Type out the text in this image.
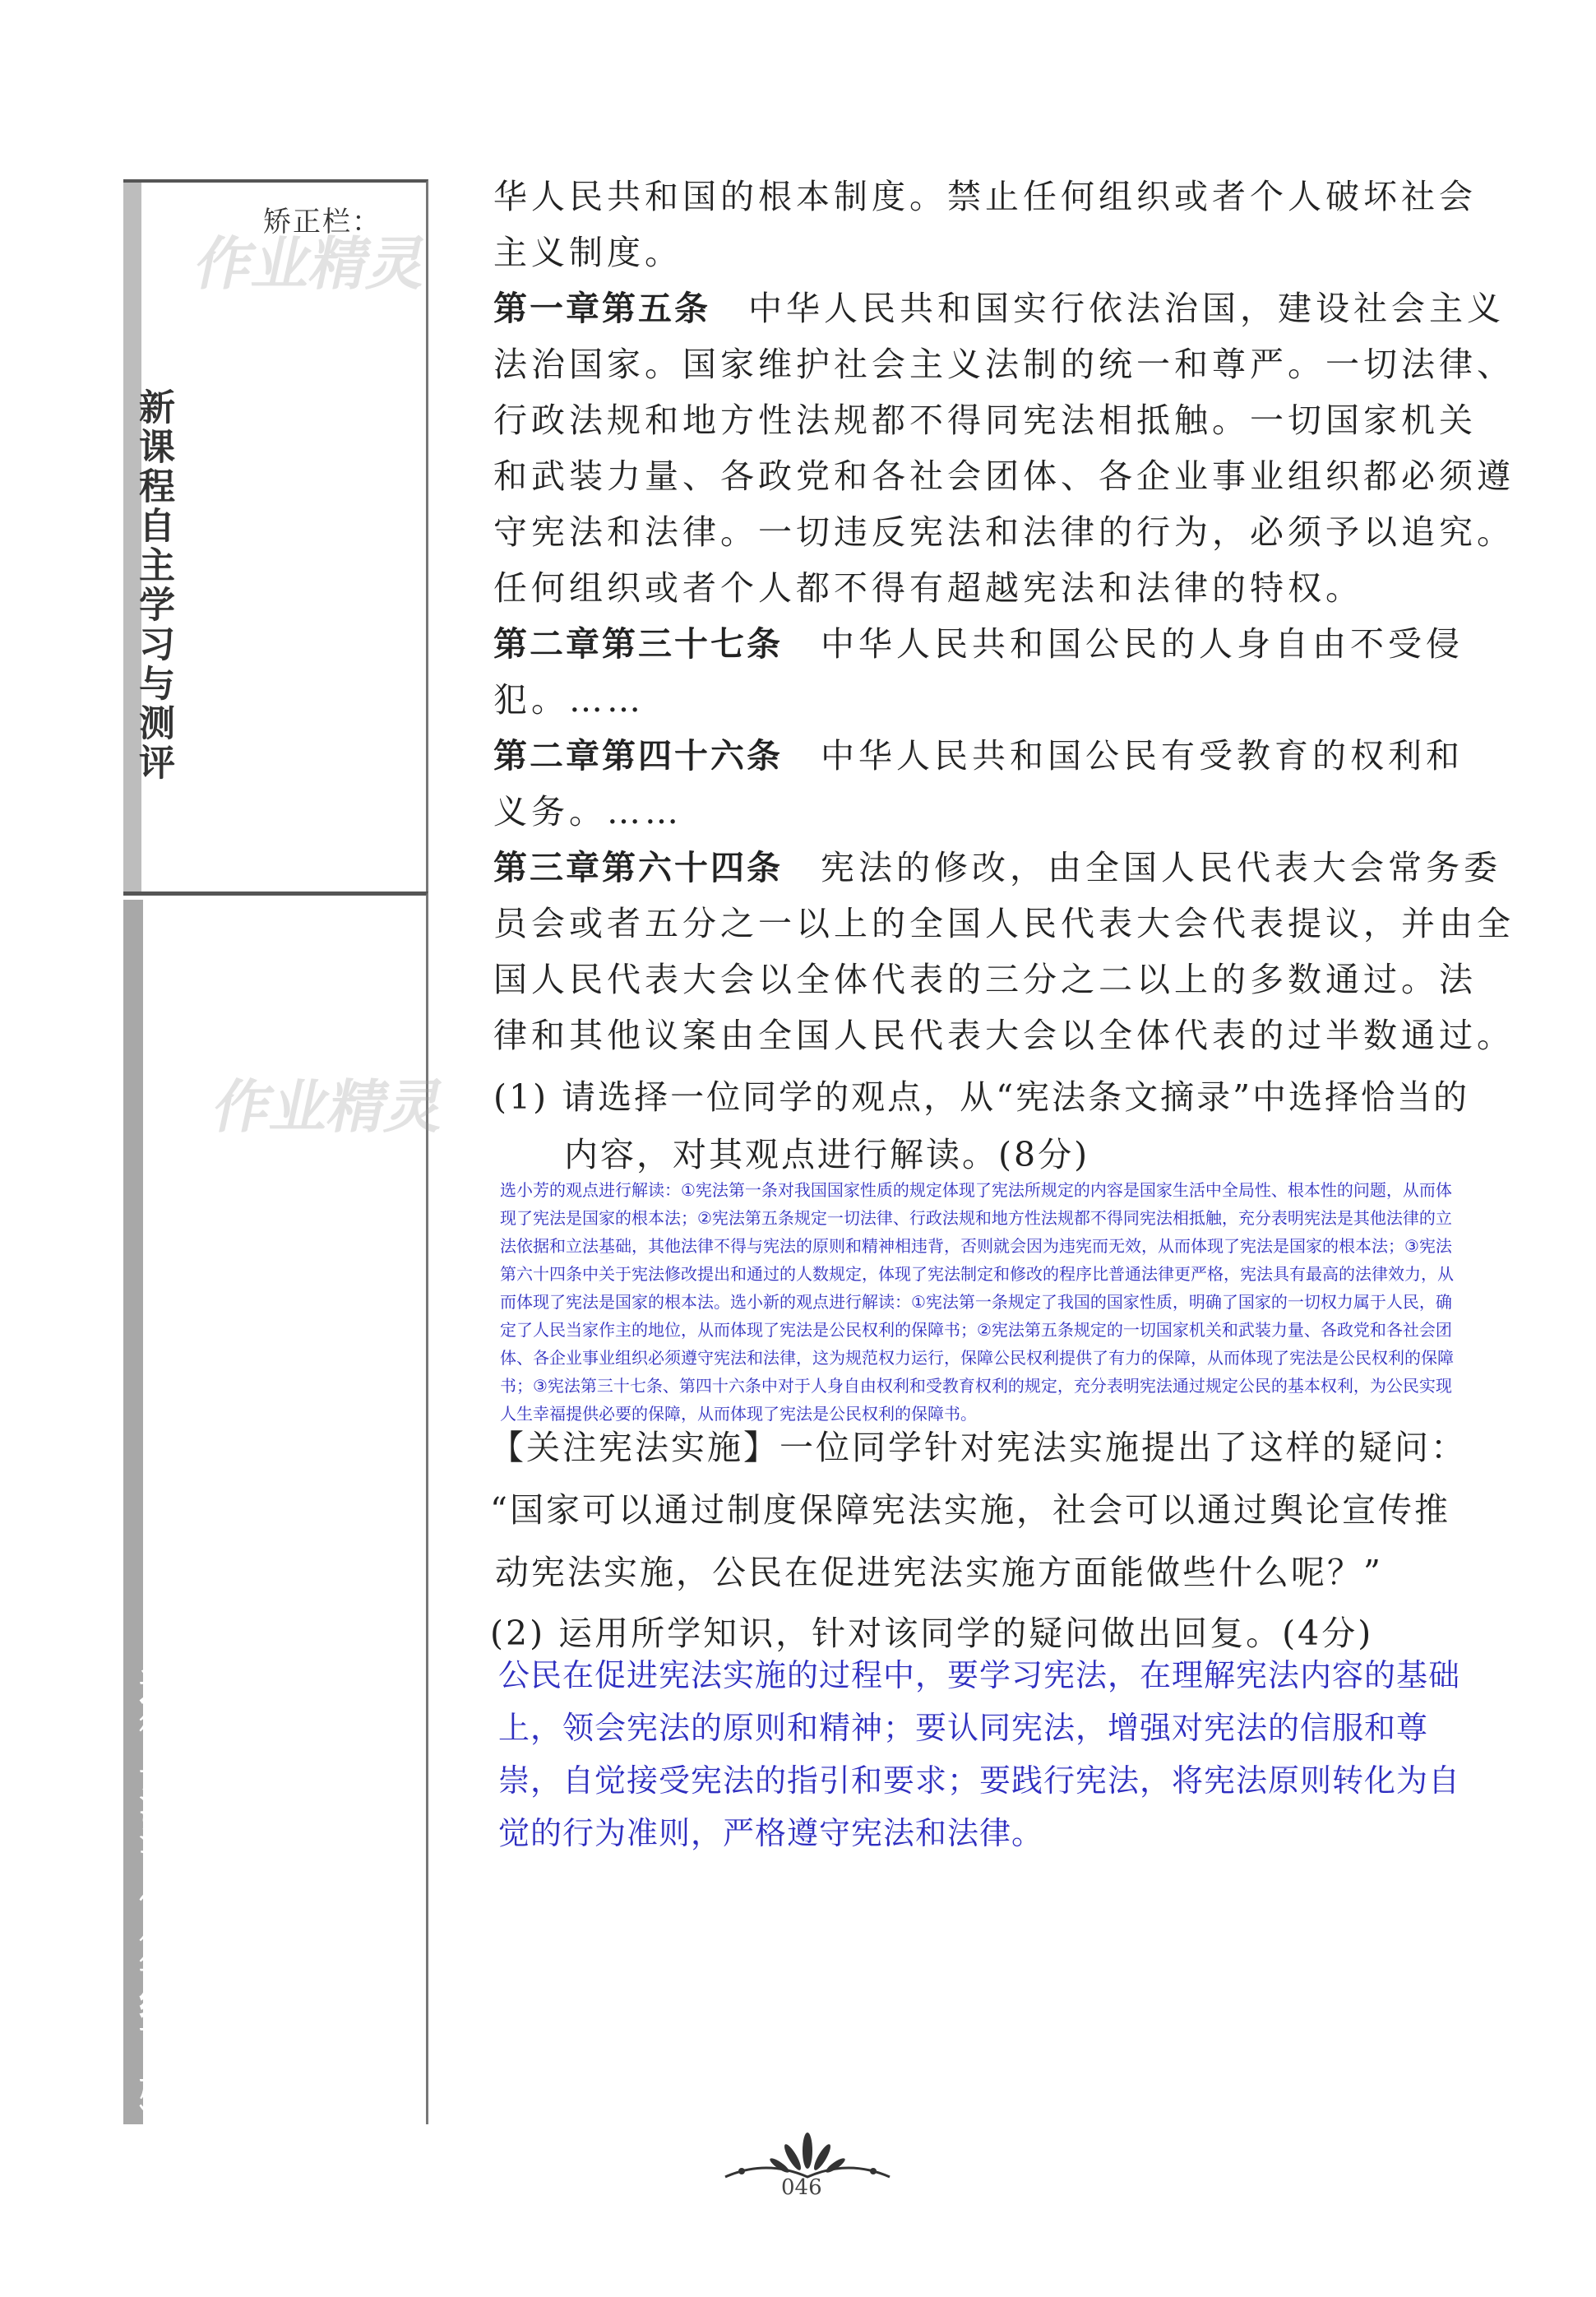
矫正栏：
新课程自主学习与测评
道德与法治（八年级下册）
作业精灵
作业精灵
华人民共和国的根本制度。禁止任何组织或者个人破坏社会
主义制度。
第一章第五条　中华人民共和国实行依法治国，建设社会主义
法治国家。国家维护社会主义法制的统一和尊严。一切法律、
行政法规和地方性法规都不得同宪法相抵触。一切国家机关
和武装力量、各政党和各社会团体、各企业事业组织都必须遵
守宪法和法律。一切违反宪法和法律的行为，必须予以追究。
任何组织或者个人都不得有超越宪法和法律的特权。
第二章第三十七条　中华人民共和国公民的人身自由不受侵
犯。……
第二章第四十六条　中华人民共和国公民有受教育的权利和
义务。……
第三章第六十四条　宪法的修改，由全国人民代表大会常务委
员会或者五分之一以上的全国人民代表大会代表提议，并由全
国人民代表大会以全体代表的三分之二以上的多数通过。法
律和其他议案由全国人民代表大会以全体代表的过半数通过。
(1) 请选择一位同学的观点，从“宪法条文摘录”中选择恰当的
内容，对其观点进行解读。(8分)
选小芳的观点进行解读：①宪法第一条对我国国家性质的规定体现了宪法所规定的内容是国家生活中全局性、根本性的问题，从而体现了宪法是国家的根本法；②宪法第五条规定一切法律、行政法规和地方性法规都不得同宪法相抵触，充分表明宪法是其他法律的立法依据和立法基础，其他法律不得与宪法的原则和精神相违背，否则就会因为违宪而无效，从而体现了宪法是国家的根本法；③宪法第六十四条中关于宪法修改提出和通过的人数规定，体现了宪法制定和修改的程序比普通法律更严格，宪法具有最高的法律效力，从而体现了宪法是国家的根本法。选小新的观点进行解读：①宪法第一条规定了我国的国家性质，明确了国家的一切权力属于人民，确定了人民当家作主的地位，从而体现了宪法是公民权利的保障书；②宪法第五条规定的一切国家机关和武装力量、各政党和各社会团体、各企业事业组织必须遵守宪法和法律，这为规范权力运行，保障公民权利提供了有力的保障，从而体现了宪法是公民权利的保障书；③宪法第三十七条、第四十六条中对于人身自由权利和受教育权利的规定，充分表明宪法通过规定公民的基本权利，为公民实现人生幸福提供必要的保障，从而体现了宪法是公民权利的保障书。
【关注宪法实施】一位同学针对宪法实施提出了这样的疑问：
“国家可以通过制度保障宪法实施，社会可以通过舆论宣传推
动宪法实施，公民在促进宪法实施方面能做些什么呢？”
(2) 运用所学知识，针对该同学的疑问做出回复。(4分)
公民在促进宪法实施的过程中，要学习宪法，在理解宪法内容的基础上，领会宪法的原则和精神；要认同宪法，增强对宪法的信服和尊崇，自觉接受宪法的指引和要求；要践行宪法，将宪法原则转化为自觉的行为准则，严格遵守宪法和法律。
046
